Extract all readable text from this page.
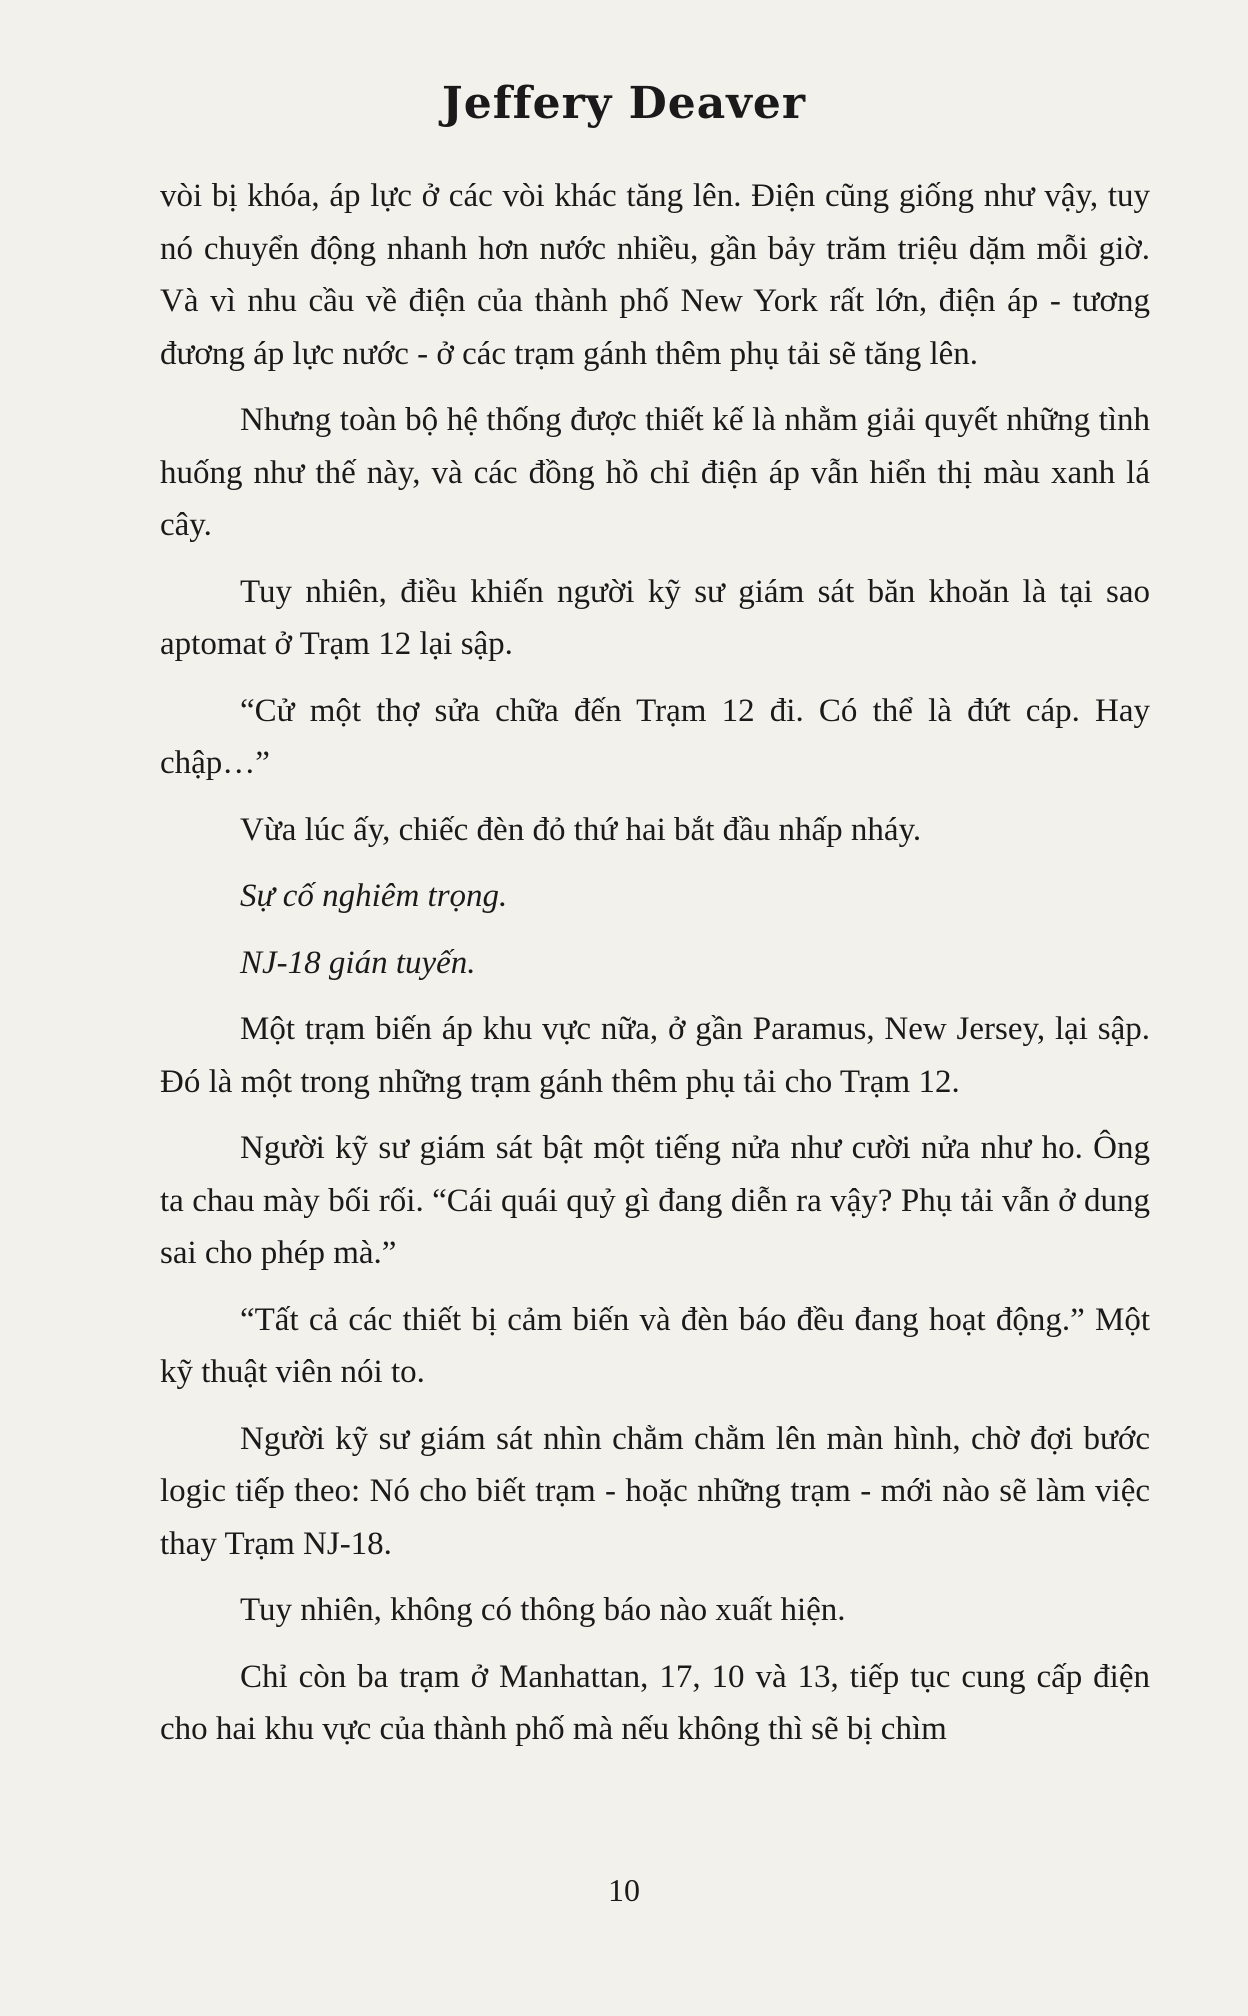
Jeffery Deaver

vòi bị khóa, áp lực ở các vòi khác tăng lên. Điện cũng giống như vậy, tuy nó chuyển động nhanh hơn nước nhiều, gần bảy trăm triệu dặm mỗi giờ. Và vì nhu cầu về điện của thành phố New York rất lớn, điện áp - tương đương áp lực nước - ở các trạm gánh thêm phụ tải sẽ tăng lên.

Nhưng toàn bộ hệ thống được thiết kế là nhằm giải quyết những tình huống như thế này, và các đồng hồ chỉ điện áp vẫn hiển thị màu xanh lá cây.

Tuy nhiên, điều khiến người kỹ sư giám sát băn khoăn là tại sao aptomat ở Trạm 12 lại sập.

“Cử một thợ sửa chữa đến Trạm 12 đi. Có thể là đứt cáp. Hay chập…”

Vừa lúc ấy, chiếc đèn đỏ thứ hai bắt đầu nhấp nháy.

Sự cố nghiêm trọng.

NJ-18 gián tuyến.

Một trạm biến áp khu vực nữa, ở gần Paramus, New Jersey, lại sập. Đó là một trong những trạm gánh thêm phụ tải cho Trạm 12.

Người kỹ sư giám sát bật một tiếng nửa như cười nửa như ho. Ông ta chau mày bối rối. “Cái quái quỷ gì đang diễn ra vậy? Phụ tải vẫn ở dung sai cho phép mà.”

“Tất cả các thiết bị cảm biến và đèn báo đều đang hoạt động.” Một kỹ thuật viên nói to.

Người kỹ sư giám sát nhìn chằm chằm lên màn hình, chờ đợi bước logic tiếp theo: Nó cho biết trạm - hoặc những trạm - mới nào sẽ làm việc thay Trạm NJ-18.

Tuy nhiên, không có thông báo nào xuất hiện.

Chỉ còn ba trạm ở Manhattan, 17, 10 và 13, tiếp tục cung cấp điện cho hai khu vực của thành phố mà nếu không thì sẽ bị chìm

10
